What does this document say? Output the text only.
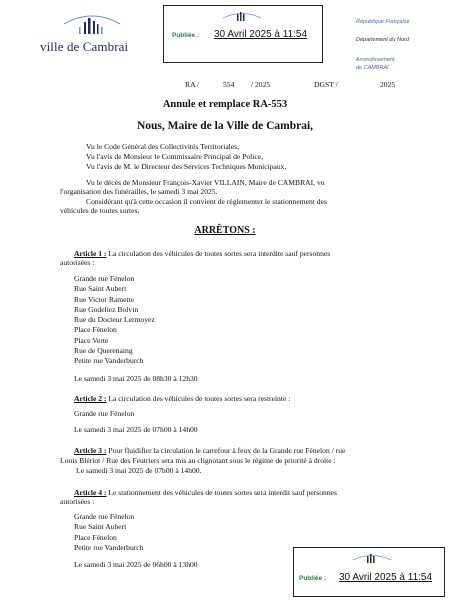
ville de Cambrai
Publiée : 30 Avril 2025 à 11:54
République Française
Département du Nord
Arrondissement
de CAMBRAI
RA /	554 / 2025	DGST /	2025
Annule et remplace RA-553
Nous, Maire de la Ville de Cambrai,
Vu le Code Général des Collectivités Territoriales,
Vu l'avis de Monsieur le Commissaire Principal de Police,
Vu l'avis de M. le Directeur des Services Techniques Municipaux,
Vu le décès de Monsieur François-Xavier VILLAIN, Maire de CAMBRAI, vu
l'organisation des funérailles, le samedi 3 mai 2025.
Considérant qu'à cette occasion il convient de réglementer le stationnement des
véhicules de toutes sortes,
ARRÊTONS :
Article 1 : La circulation des véhicules de toutes sortes sera interdite sauf personnes
autorisées :
Grande rue Fénelon
Rue Saint Aubert
Rue Victor Ramette
Rue Godeliez Bolvin
Rue du Docteur Lermoyez
Place Fénelon
Place Verte
Rue de Querenaing
Petite rue Vanderburch
Le samedi 3 mai 2025 de 08h30 à 12h30
Article 2 : La circulation des véhicules de toutes sortes sera restreinte :
Grande rue Fénelon
Le samedi 3 mai 2025 de 07h00 à 14h00
Article 3 : Pour fluidifier la circulation le carrefour à feux de la Grande rue Fénelon / rue
Louis Blériot / Rue des Feutriers sera mis au clignotant sous le régime de priorité à droite :
Le samedi 3 mai 2025 de 07h00 à 14h00.
Article 4 : Le stationnement des véhicules de toutes sortes sera interdit sauf personnes
autorisées :
Grande rue Fénelon
Rue Saint Aubert
Place Fénelon
Petite rue Vanderburch
Le samedi 3 mai 2025 de 06h00 à 13h00
Publiée : 30 Avril 2025 à 11:54
